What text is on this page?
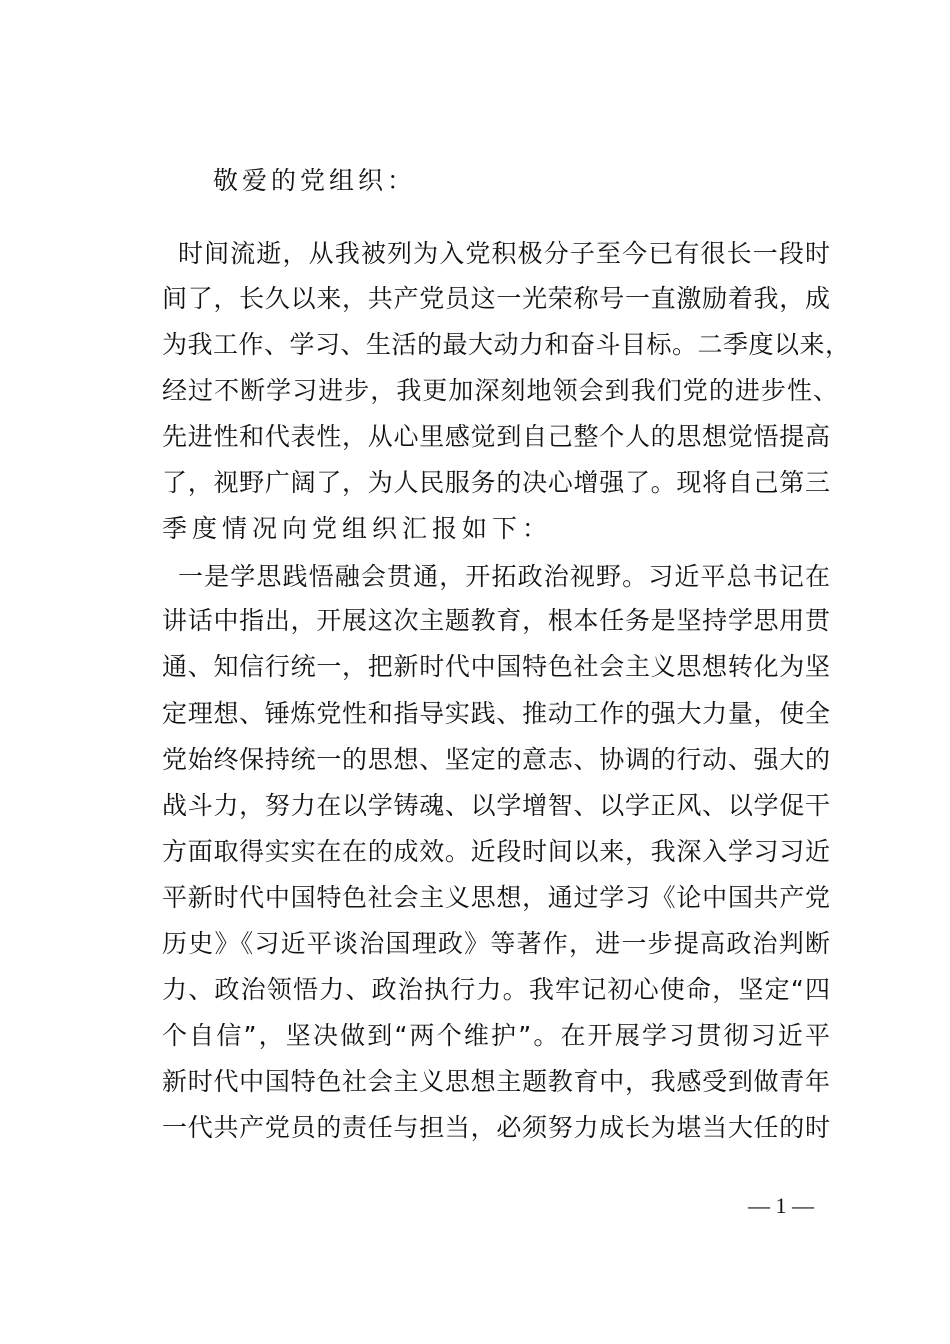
敬爱的党组织：
时间流逝，从我被列为入党积极分子至今已有很长一段时
间了，长久以来，共产党员这一光荣称号一直激励着我，成
为我工作、学习、生活的最大动力和奋斗目标。二季度以来，
经过不断学习进步，我更加深刻地领会到我们党的进步性、
先进性和代表性，从心里感觉到自己整个人的思想觉悟提高
了，视野广阔了，为人民服务的决心增强了。现将自己第三
季度情况向党组织汇报如下：
一是学思践悟融会贯通，开拓政治视野。习近平总书记在
讲话中指出，开展这次主题教育，根本任务是坚持学思用贯
通、知信行统一，把新时代中国特色社会主义思想转化为坚
定理想、锤炼党性和指导实践、推动工作的强大力量，使全
党始终保持统一的思想、坚定的意志、协调的行动、强大的
战斗力，努力在以学铸魂、以学增智、以学正风、以学促干
方面取得实实在在的成效。近段时间以来，我深入学习习近
平新时代中国特色社会主义思想，通过学习《论中国共产党
历史》《习近平谈治国理政》等著作，进一步提高政治判断
力、政治领悟力、政治执行力。我牢记初心使命，坚定“四
个自信”，坚决做到“两个维护”。在开展学习贯彻习近平
新时代中国特色社会主义思想主题教育中，我感受到做青年
一代共产党员的责任与担当，必须努力成长为堪当大任的时
— 1 —
